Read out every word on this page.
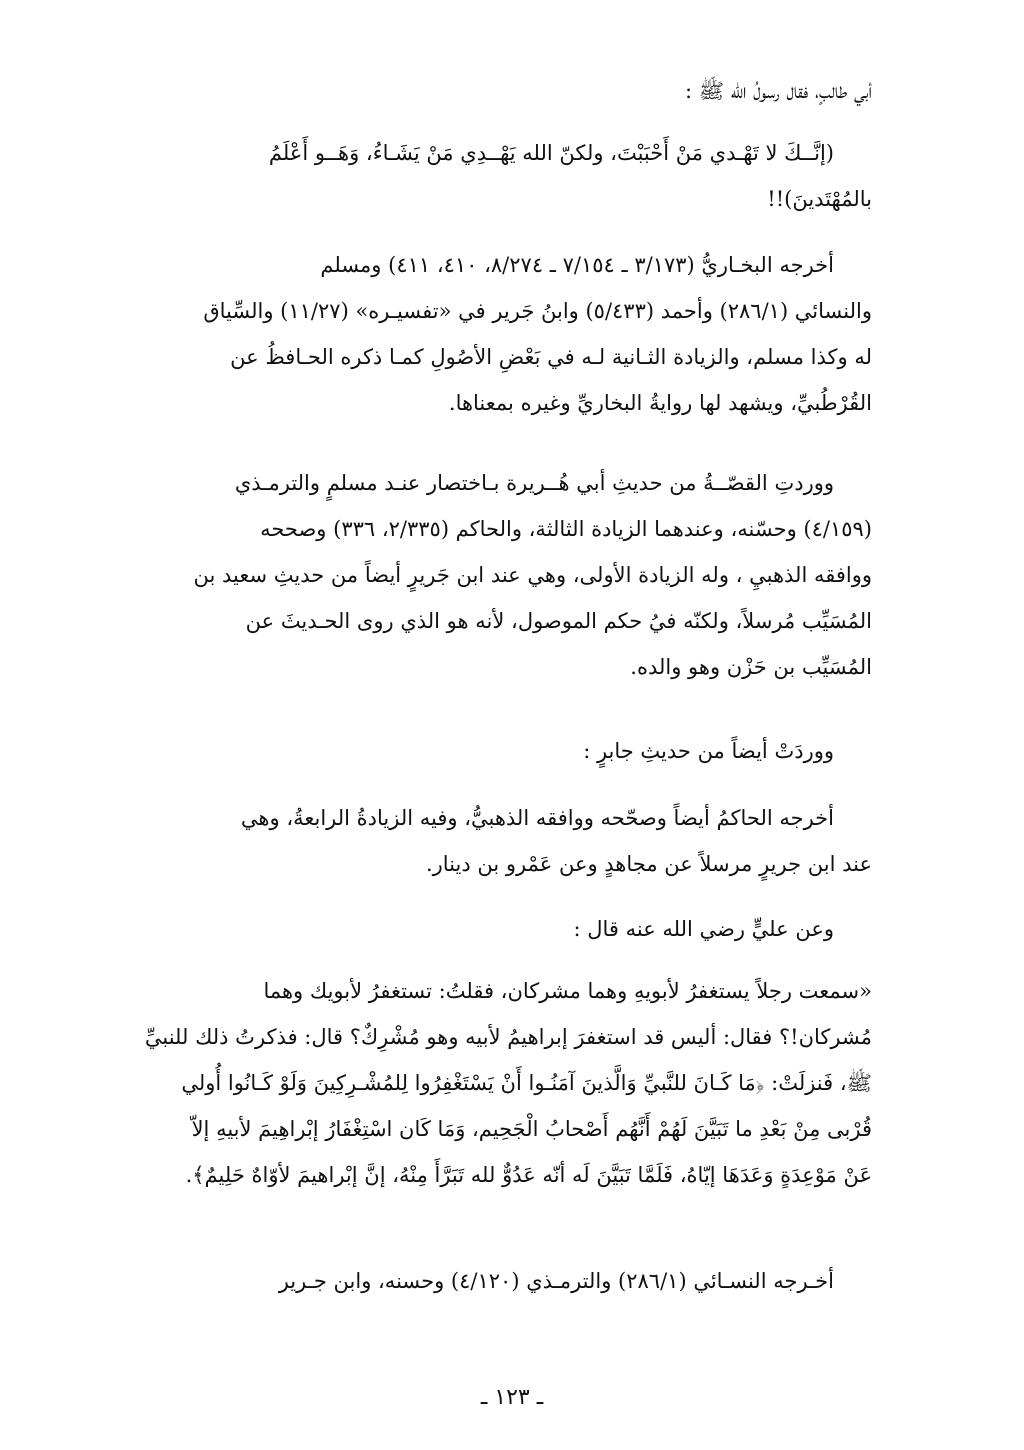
أبي طالبٍ، فقال رسولُ الله ﷺ :
(إنَّــكَ لا تَهْـدي مَنْ أَحْبَبْتَ، ولكنّ الله يَهْــدِي مَنْ يَشَـاءُ، وَهَــو أَعْلَمُ
بالمُهْتَدينَ)!!
أخرجه البخـاريُّ (٣/١٧٣ ـ ٧/١٥٤ ـ ٨/٢٧٤، ٤١٠، ٤١١) ومسلم
والنسائي (٢٨٦/١) وأحمد (٥/٤٣٣) وابنُ جَرير في «تفسيـره» (١١/٢٧) والسِّياق
له وكذا مسلم، والزيادة الثـانية لـه في بَعْضِ الأصُولِ كمـا ذكره الحـافظُ عن
القُرْطُبيِّ، ويشهد لها روايةُ البخاريِّ وغيره بمعناها.
ووردتِ القصّــةُ من حديثِ أبي هُــريرة بـاختصار عنـد مسلمٍ والترمـذي
(٤/١٥٩) وحسّنه، وعندهما الزيادة الثالثة، والحاكم (٢/٣٣٥، ٣٣٦) وصححه
ووافقه الذهبيِ ، وله الزيادة الأولى، وهي عند ابن جَريرٍ أيضاً من حديثِ سعيد بن
المُسَيِّب مُرسلاً، ولكنّه فيُ حكم الموصول، لأنه هو الذي روى الحـديثَ عن
المُسَيِّب بن حَزْن وهو والده.
ووردَتْ أيضاً من حديثِ جابرٍ :
أخرجه الحاكمُ أيضاً وصحّحه ووافقه الذهبيُّ، وفيه الزيادةُ الرابعةُ، وهي
عند ابن جريرٍ مرسلاً عن مجاهدٍ وعن عَمْرو بن دينار.
وعن عليٍّ رضي الله عنه قال :
«سمعت رجلاً يستغفرُ لأبويهِ وهما مشركان، فقلتُ: تستغفرُ لأبويك وهما
مُشركان!؟ فقال: أليس قد استغفرَ إبراهيمُ لأبيه وهو مُشْرِكٌ؟ قال: فذكرتُ ذلك للنبيِّ
ﷺ، فَنزلَتْ: ﴿مَا كَـانَ للنَّبيِّ وَالَّذينَ آمَنُـوا أَنْ يَسْتَغْفِرُوا لِلمُشْـرِكِينَ وَلَوْ كَـانُوا أُولي
قُرْبى مِنْ بَعْدِ ما تَبَيَّنَ لَهُمْ أَنَّهُم أَصْحابُ الْجَحِيم، وَمَا كَان اسْتِغْفَارُ إبْراهِيمَ لأبيهِ إلاّ
عَنْ مَوْعِدَةٍ وَعَدَهَا إيّاهُ، فَلَمَّا تَبَيَّنَ لَه أنّه عَدُوٌّ لله تَبَرَّأَ مِنْهُ، إنَّ إبْراهيمَ لأوّاهٌ حَلِيمٌ﴾.
أخـرجه النسـائي (٢٨٦/١) والترمـذي (٤/١٢٠) وحسنه، وابن جـرير
ـ ١٢٣ ـ
